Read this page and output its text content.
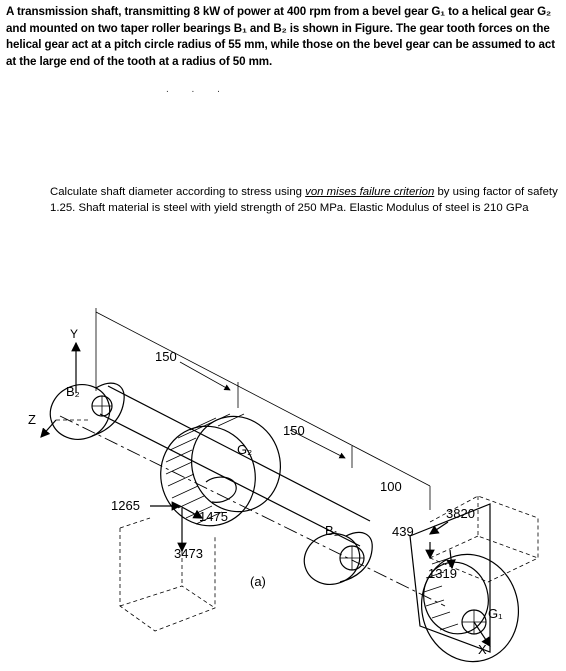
A transmission shaft, transmitting 8 kW of power at 400 rpm from a bevel gear G₁ to a helical gear G₂ and mounted on two taper roller bearings B₁ and B₂ is shown in Figure. The gear tooth forces on the helical gear act at a pitch circle radius of 55 mm, while those on the bevel gear can be assumed to act at the large end of the tooth at a radius of 50 mm.
. . .
Calculate shaft diameter according to stress using von mises failure criterion by using factor of safety 1.25. Shaft material is steel with yield strength of 250 MPa. Elastic Modulus of steel is 210 GPa
Y
Z
X
B₂
G₂
B₁
G₁
150
150
100
1265
1475
3473
439
3820
1319
(a)
